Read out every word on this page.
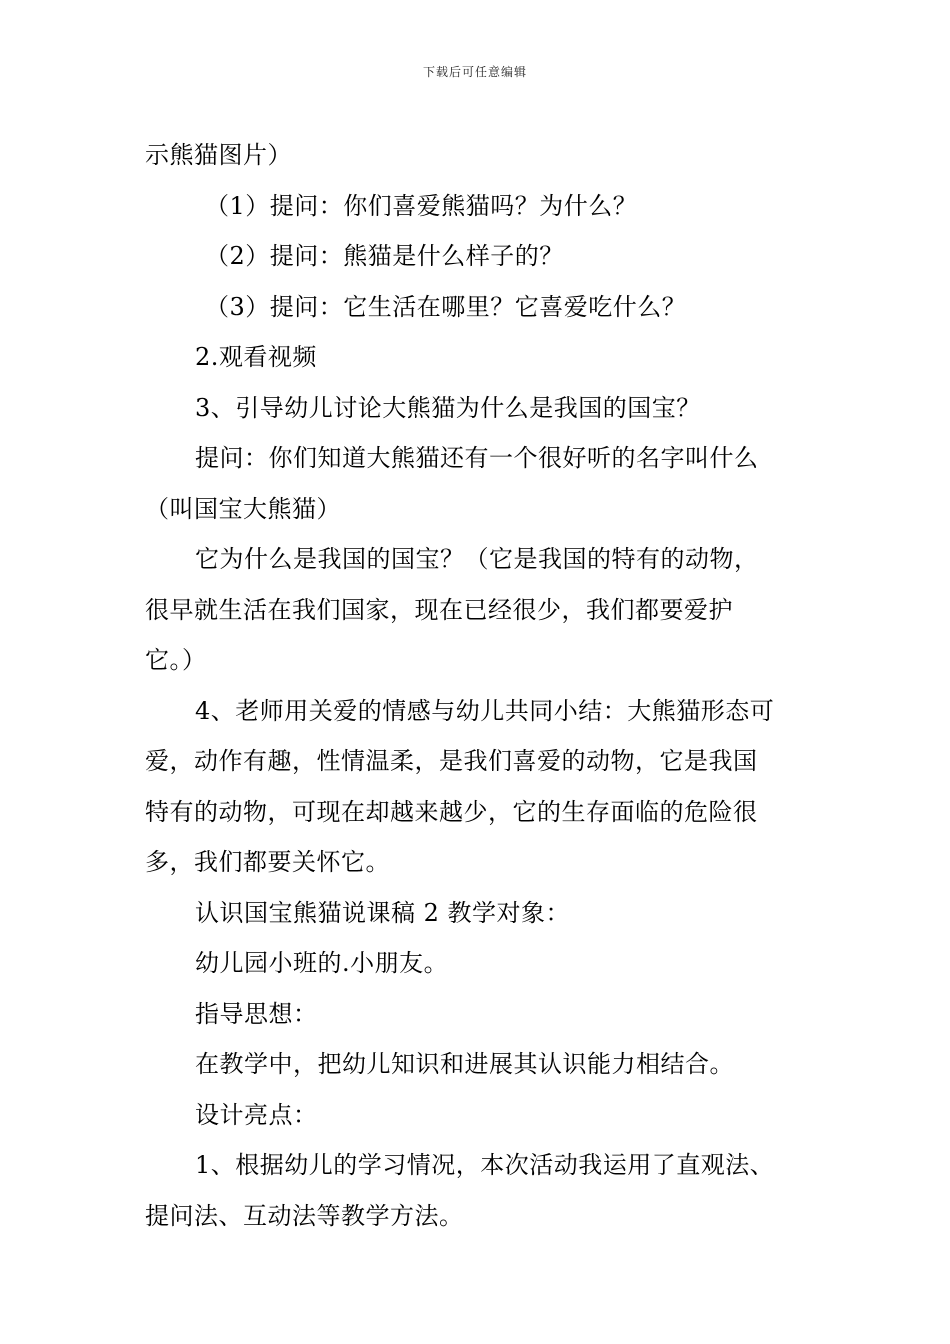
下载后可任意编辑
示熊猫图片）
（1）提问：你们喜爱熊猫吗？为什么？
（2）提问：熊猫是什么样子的？
（3）提问：它生活在哪里？它喜爱吃什么？
2.观看视频
3、引导幼儿讨论大熊猫为什么是我国的国宝？
提问：你们知道大熊猫还有一个很好听的名字叫什么
（叫国宝大熊猫）
它为什么是我国的国宝？（它是我国的特有的动物，
很早就生活在我们国家，现在已经很少，我们都要爱护
它。）
4、老师用关爱的情感与幼儿共同小结：大熊猫形态可
爱，动作有趣，性情温柔，是我们喜爱的动物，它是我国
特有的动物，可现在却越来越少，它的生存面临的危险很
多，我们都要关怀它。
认识国宝熊猫说课稿 2 教学对象：
幼儿园小班的.小朋友。
指导思想：
在教学中，把幼儿知识和进展其认识能力相结合。
设计亮点：
1、根据幼儿的学习情况，本次活动我运用了直观法、
提问法、互动法等教学方法。
